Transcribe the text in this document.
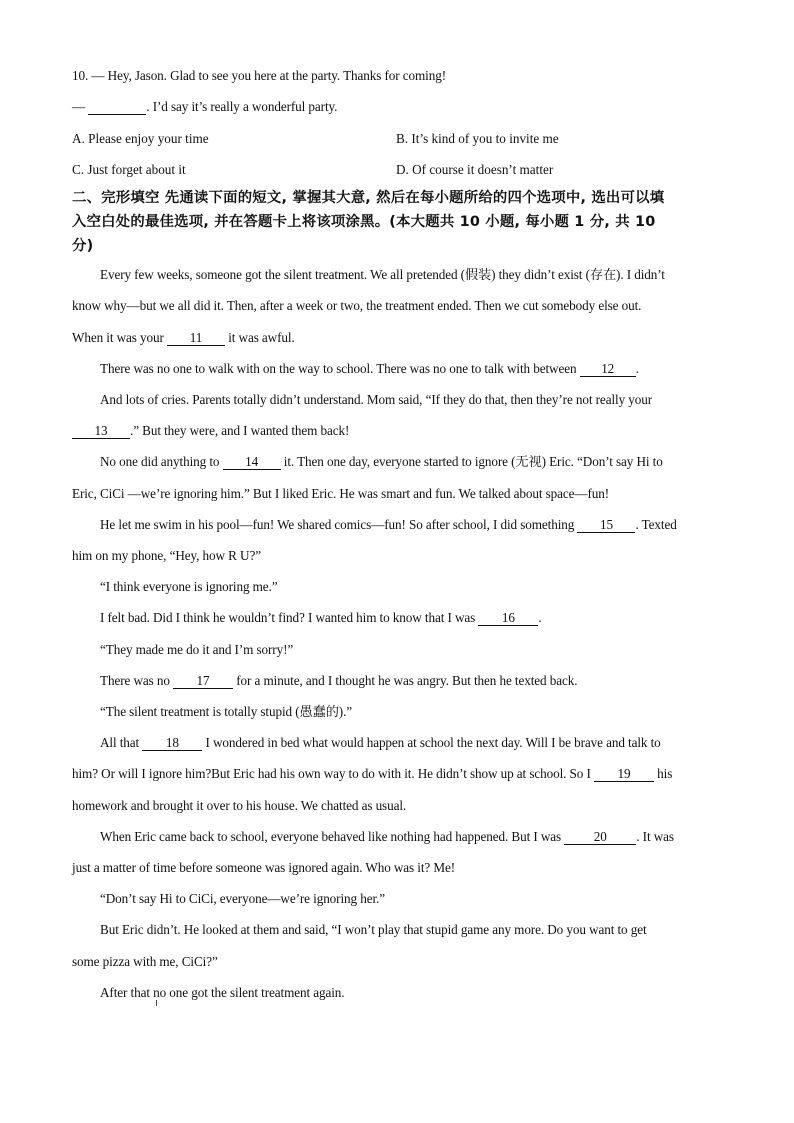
10. — Hey, Jason. Glad to see you here at the party. Thanks for coming!
—	. I’d say it’s really a wonderful party.
A. Please enjoy your time	B. It’s kind of you to invite me
C. Just forget about it	D. Of course it doesn’t matter
二、完形填空 先通读下面的短文, 掌握其大意, 然后在每小题所给的四个选项中, 选出可以填
入空白处的最佳选项, 并在答题卡上将该项涂黑。(本大题共 10 小题, 每小题 1 分, 共 10
分)
Every few weeks, someone got the silent treatment. We all pretended (假装) they didn’t exist (存在). I didn’t
know why—but we all did it. Then, after a week or two, the treatment ended. Then we cut somebody else out.
When it was your 11 it was awful.
There was no one to walk with on the way to school. There was no one to talk with between 12 .
And lots of cries. Parents totally didn’t understand. Mom said, “If they do that, then they’re not really your
13 .” But they were, and I wanted them back!
No one did anything to 14 it. Then one day, everyone started to ignore (无视) Eric. “Don’t say Hi to
Eric, CiCi —we’re ignoring him.” But I liked Eric. He was smart and fun. We talked about space—fun!
He let me swim in his pool—fun! We shared comics—fun! So after school, I did something 15 . Texted
him on my phone, “Hey, how R U?”
“I think everyone is ignoring me.”
I felt bad. Did I think he wouldn’t find? I wanted him to know that I was 16 .
“They made me do it and I’m sorry!”
There was no 17 for a minute, and I thought he was angry. But then he texted back.
“The silent treatment is totally stupid (愚蠢的).”
All that 18 I wondered in bed what would happen at school the next day. Will I be brave and talk to
him? Or will I ignore him?But Eric had his own way to do with it. He didn’t show up at school. So I 19 his
homework and brought it over to his house. We chatted as usual.
When Eric came back to school, everyone behaved like nothing had happened. But I was 20 . It was
just a matter of time before someone was ignored again. Who was it? Me!
“Don’t say Hi to CiCi, everyone—we’re ignoring her.”
But Eric didn’t. He looked at them and said, “I won’t play that stupid game any more. Do you want to get
some pizza with me, CiCi?”
After that no one got the silent treatment again.
